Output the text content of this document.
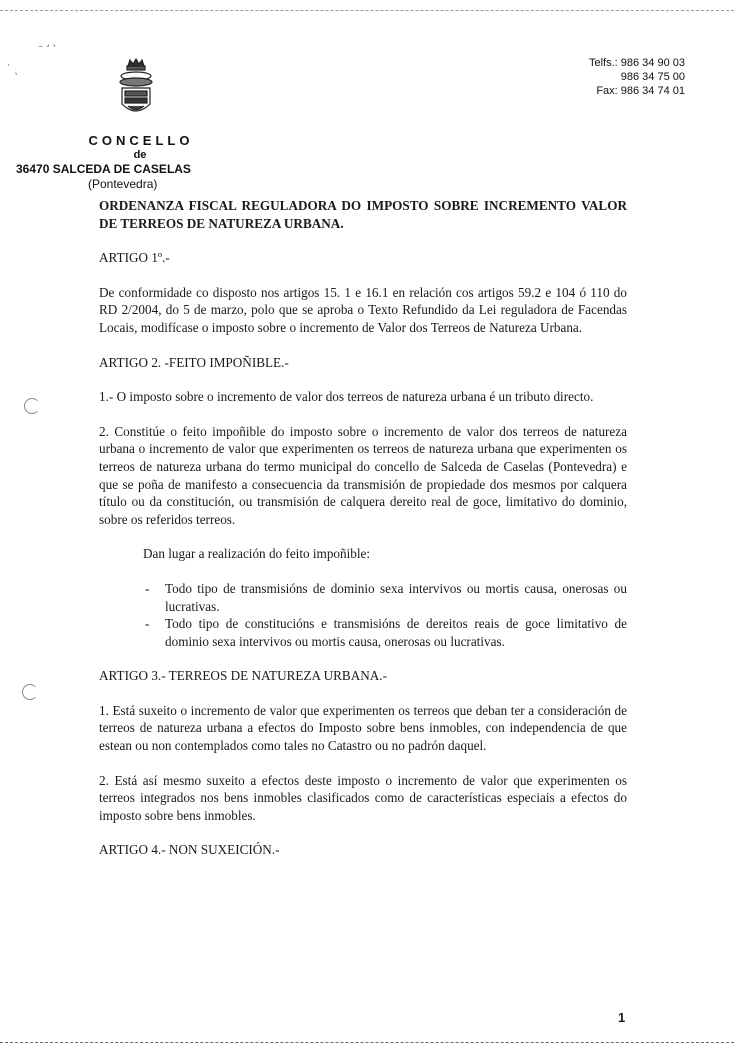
⁻ ʼ ˈ
˙ ˎ
Telfs.: 986 34 90 03
986 34 75 00
Fax: 986 34 74 01
CONCELLO
de
36470 SALCEDA DE CASELAS
(Pontevedra)
ORDENANZA FISCAL REGULADORA DO IMPOSTO SOBRE INCREMENTO VALOR DE TERREOS DE NATUREZA URBANA.
ARTIGO 1º.-

De conformidade co disposto nos artigos 15. 1 e 16.1 en relación cos artigos 59.2 e 104 ó 110 do RD 2/2004, do 5 de marzo, polo que se aproba o Texto Refundido da Lei reguladora de Facendas Locais, modifícase o imposto sobre o incremento de Valor dos Terreos de Natureza Urbana.

ARTIGO 2. -FEITO IMPOÑIBLE.-

1.- O imposto sobre o incremento de valor dos terreos de natureza urbana é un tributo directo.

2. Constitúe o feito impoñible do imposto sobre o incremento de valor dos terreos de natureza urbana o incremento de valor que experimenten os terreos de natureza urbana que experimenten os terreos de natureza urbana do termo municipal do concello de Salceda de Caselas (Pontevedra) e que se poña de manifesto a consecuencia da transmisión de propiedade dos mesmos por calquera título ou da constitución, ou transmisión de calquera dereito real de goce, limitativo do dominio, sobre os referidos terreos.

Dan lugar a realización do feito impoñible:

- Todo tipo de transmisións de dominio sexa intervivos ou mortis causa, onerosas ou lucrativas.
- Todo tipo de constitucións e transmisións de dereitos reais de goce limitativo de dominio sexa intervivos ou mortis causa, onerosas ou lucrativas.
ARTIGO 3.- TERREOS DE NATUREZA URBANA.-

1. Está suxeito o incremento de valor que experimenten os terreos que deban ter a consideración de terreos de natureza urbana a efectos do Imposto sobre bens inmobles, con independencia de que estean ou non contemplados como tales no Catastro ou no padrón daquel.

2. Está así mesmo suxeito a efectos deste imposto o incremento de valor que experimenten os terreos integrados nos bens inmobles clasificados como de características especiais a efectos do imposto sobre bens inmobles.

ARTIGO 4.- NON SUXEICIÓN.-
1
